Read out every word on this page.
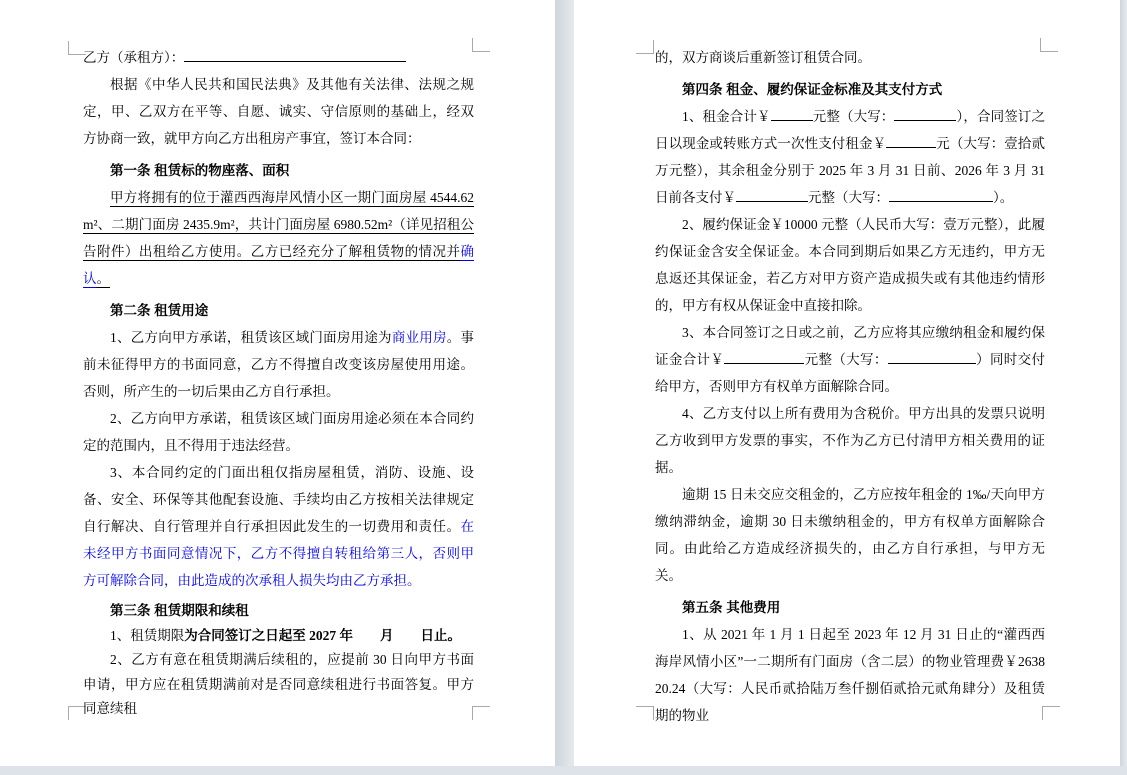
乙方（承租方）：

根据《中华人民共和国民法典》及其他有关法律、法规之规定，甲、乙双方在平等、自愿、诚实、守信原则的基础上，经双方协商一致，就甲方向乙方出租房产事宜，签订本合同：

第一条 租赁标的物座落、面积

甲方将拥有的位于灌西西海岸风情小区一期门面房屋 4544.62m²、二期门面房 2435.9m²，共计门面房屋 6980.52m²（详见招租公告附件）出租给乙方使用。乙方已经充分了解租赁物的情况并确认。

第二条 租赁用途

1、乙方向甲方承诺，租赁该区域门面房用途为商业用房。事前未征得甲方的书面同意，乙方不得擅自改变该房屋使用用途。否则，所产生的一切后果由乙方自行承担。

2、乙方向甲方承诺，租赁该区域门面房用途必须在本合同约定的范围内，且不得用于违法经营。

3、本合同约定的门面出租仅指房屋租赁，消防、设施、设备、安全、环保等其他配套设施、手续均由乙方按相关法律规定自行解决、自行管理并自行承担因此发生的一切费用和责任。在未经甲方书面同意情况下，乙方不得擅自转租给第三人，否则甲方可解除合同，由此造成的次承租人损失均由乙方承担。

第三条 租赁期限和续租

1、租赁期限为合同签订之日起至 2027 年　　月　　日止。

2、乙方有意在租赁期满后续租的，应提前 30 日向甲方书面申请，甲方应在租赁期满前对是否同意续租进行书面答复。甲方同意续租

的，双方商谈后重新签订租赁合同。

第四条 租金、履约保证金标准及其支付方式

1、租金合计￥	元整（大写：	），合同签订之日以现金或转账方式一次性支付租金￥	元（大写：壹拾贰万元整），其余租金分别于 2025 年 3 月 31 日前、2026 年 3 月 31 日前各支付￥	元整（大写：	）。

2、履约保证金￥10000 元整（人民币大写：壹万元整），此履约保证金含安全保证金。本合同到期后如果乙方无违约，甲方无息返还其保证金，若乙方对甲方资产造成损失或有其他违约情形的，甲方有权从保证金中直接扣除。

3、本合同签订之日或之前，乙方应将其应缴纳租金和履约保证金合计￥	元整（大写：	）同时交付给甲方，否则甲方有权单方面解除合同。

4、乙方支付以上所有费用为含税价。甲方出具的发票只说明乙方收到甲方发票的事实，不作为乙方已付清甲方相关费用的证据。

逾期 15 日未交应交租金的，乙方应按年租金的 1‰/天向甲方缴纳滞纳金，逾期 30 日未缴纳租金的，甲方有权单方面解除合同。由此给乙方造成经济损失的，由乙方自行承担，与甲方无关。

第五条 其他费用

1、从 2021 年 1 月 1 日起至 2023 年 12 月 31 日止的“灌西西海岸风情小区”一二期所有门面房（含二层）的物业管理费￥263820.24（大写：人民币贰拾陆万叁仟捌佰贰拾元贰角肆分）及租赁期的物业
